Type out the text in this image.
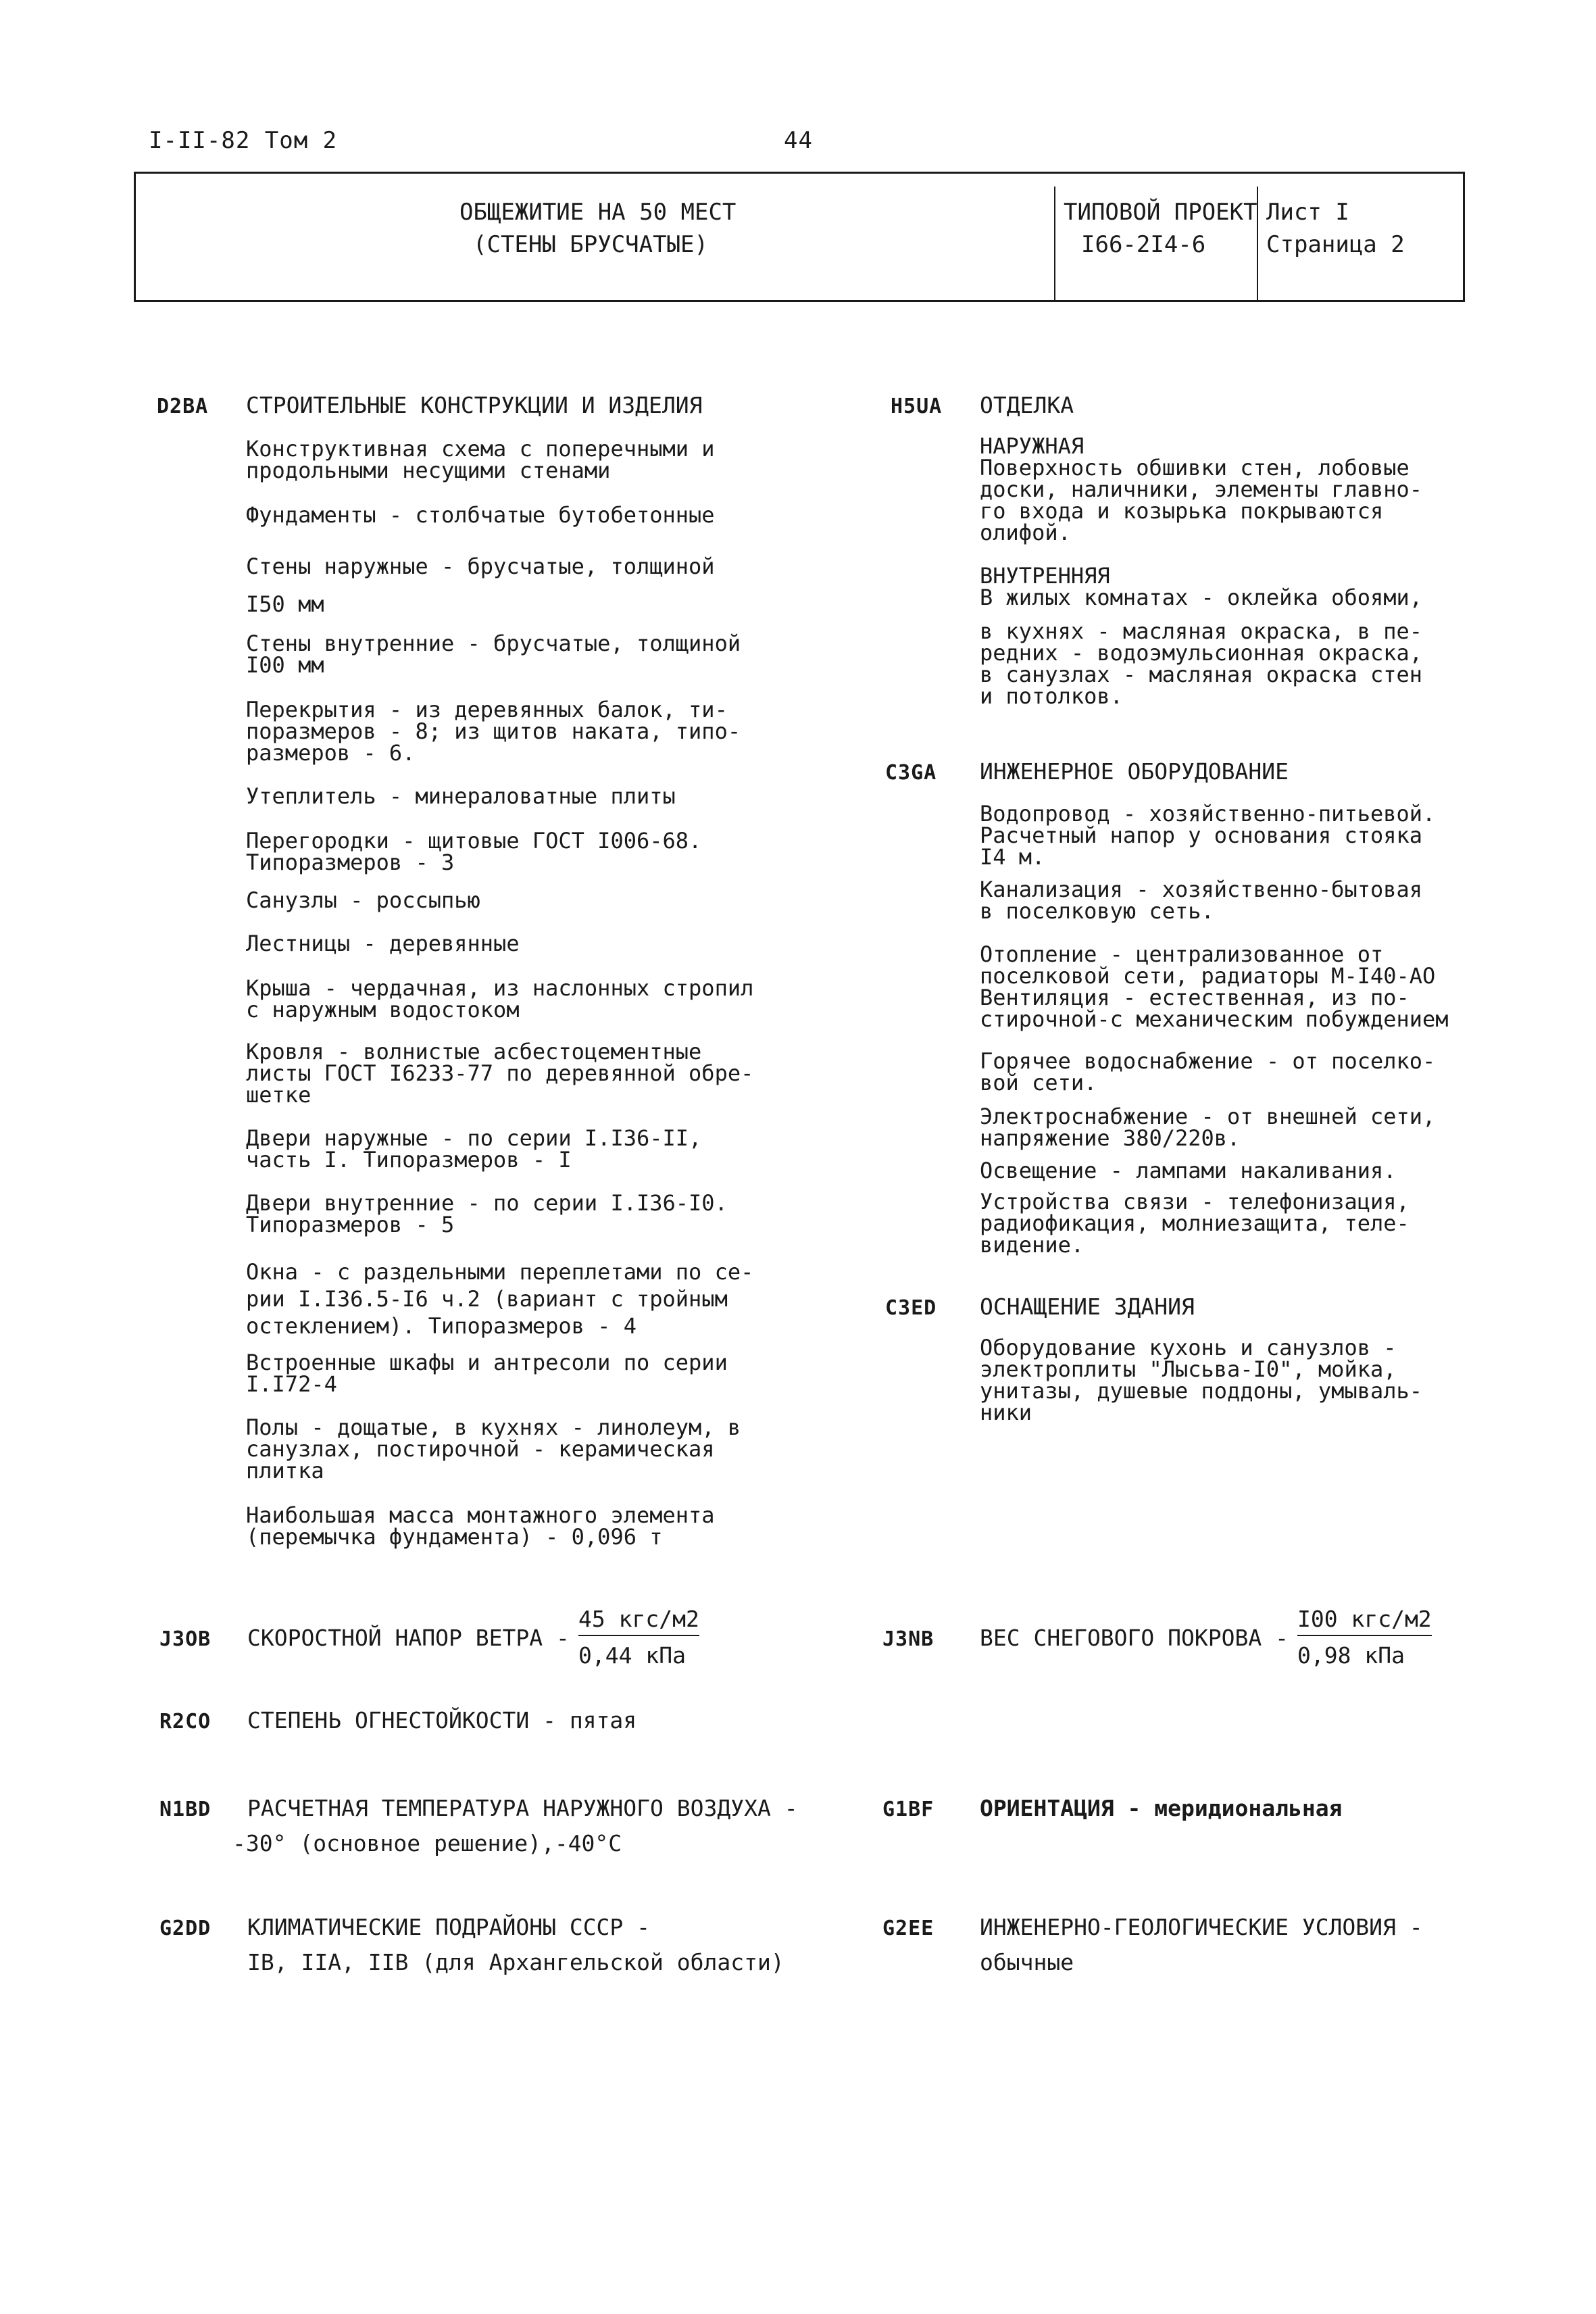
I-II-82 Том 2	44
ОБЩЕЖИТИЕ НА 50 МЕСТ
(СТЕНЫ БРУСЧАТЫЕ)
ТИПОВОЙ ПРОЕКТ
I66-2I4-6
Лист I
Страница 2
D2BA СТРОИТЕЛЬНЫЕ КОНСТРУКЦИИ И ИЗДЕЛИЯ

Конструктивная схема с поперечными и
продольными несущими стенами

Фундаменты - столбчатые бутобетонные

Стены наружные - брусчатые, толщиной
I50 мм

Стены внутренние - брусчатые, толщиной
I00 мм

Перекрытия - из деревянных балок, ти-
поразмеров - 8; из щитов наката, типо-
размеров - 6.

Утеплитель - минераловатные плиты

Перегородки - щитовые ГОСТ I006-68.
Типоразмеров - 3

Санузлы - россыпью

Лестницы - деревянные

Крыша - чердачная, из наслонных стропил
с наружным водостоком

Кровля - волнистые асбестоцементные
листы ГОСТ I6233-77 по деревянной обре-
шетке

Двери наружные - по серии I.I36-II,
часть I. Типоразмеров - I

Двери внутренние - по серии I.I36-I0.
Типоразмеров - 5

Окна - с раздельными переплетами по се-
рии I.I36.5-I6 ч.2 (вариант с тройным
остеклением). Типоразмеров - 4

Встроенные шкафы и антресоли по серии
I.I72-4

Полы - дощатые, в кухнях - линолеум, в
санузлах, постирочной - керамическая
плитка

Наибольшая масса монтажного элемента
(перемычка фундамента) - 0,096 т

H5UA ОТДЕЛКА

НАРУЖНАЯ
Поверхность обшивки стен, лобовые
доски, наличники, элементы главно-
го входа и козырька покрываются
олифой.

ВНУТРЕННЯЯ
В жилых комнатах - оклейка обоями,

в кухнях - масляная окраска, в пе-
редних - водоэмульсионная окраска,
в санузлах - масляная окраска стен
и потолков.

C3GA ИНЖЕНЕРНОЕ ОБОРУДОВАНИЕ

Водопровод - хозяйственно-питьевой.
Расчетный напор у основания стояка
I4 м.

Канализация - хозяйственно-бытовая
в поселковую сеть.

Отопление - централизованное от
поселковой сети, радиаторы М-I40-АО
Вентиляция - естественная, из по-
стирочной-с механическим побуждением

Горячее водоснабжение - от поселко-
вой сети.

Электроснабжение - от внешней сети,
напряжение 380/220в.

Освещение - лампами накаливания.

Устройства связи - телефонизация,
радиофикация, молниезащита, теле-
видение.

C3ED ОСНАЩЕНИЕ ЗДАНИЯ

Оборудование кухонь и санузлов -
электроплиты "Лысьва-I0", мойка,
унитазы, душевые поддоны, умываль-
ники

J3OB СКОРОСТНОЙ НАПОР ВЕТРА -
45 кгс/м2
0,44 кПа
J3NB ВЕС СНЕГОВОГО ПОКРОВА -
I00 кгс/м2
0,98 кПа
R2CO СТЕПЕНЬ ОГНЕСТОЙКОСТИ - пятая
N1BD РАСЧЕТНАЯ ТЕМПЕРАТУРА НАРУЖНОГО ВОЗДУХА -
-30° (основное решение),-40°С
G1BF ОРИЕНТАЦИЯ - меридиональная
G2DD КЛИМАТИЧЕСКИЕ ПОДРАЙОНЫ СССР -
IВ, IIА, IIВ (для Архангельской области)
G2EE ИНЖЕНЕРНО-ГЕОЛОГИЧЕСКИЕ УСЛОВИЯ -
обычные
